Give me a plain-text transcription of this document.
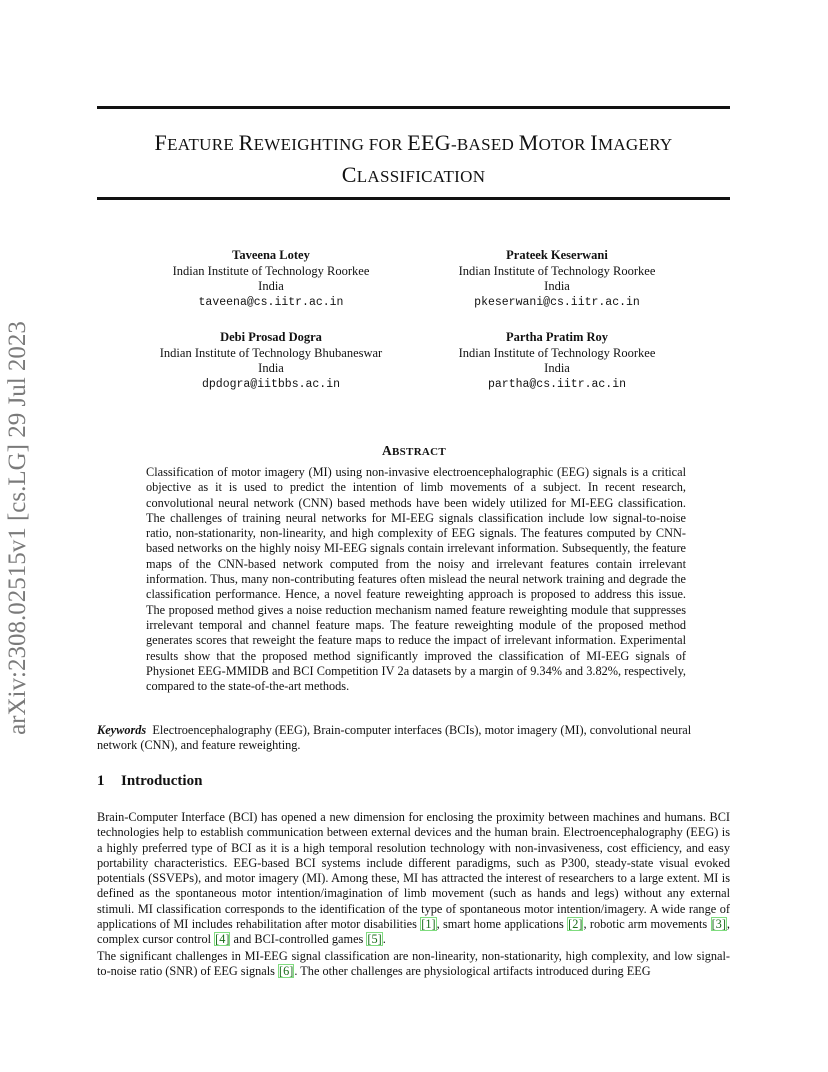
arXiv:2308.02515v1 [cs.LG] 29 Jul 2023
FEATURE REWEIGHTING FOR EEG-BASED MOTOR IMAGERY
CLASSIFICATION
Taveena Lotey
Indian Institute of Technology Roorkee
India
taveena@cs.iitr.ac.in
Prateek Keserwani
Indian Institute of Technology Roorkee
India
pkeserwani@cs.iitr.ac.in
Debi Prosad Dogra
Indian Institute of Technology Bhubaneswar
India
dpdogra@iitbbs.ac.in
Partha Pratim Roy
Indian Institute of Technology Roorkee
India
partha@cs.iitr.ac.in
ABSTRACT
Classification of motor imagery (MI) using non-invasive electroencephalographic (EEG) signals is a critical objective as it is used to predict the intention of limb movements of a subject. In recent research, convolutional neural network (CNN) based methods have been widely utilized for MI-EEG classification. The challenges of training neural networks for MI-EEG signals classification include low signal-to-noise ratio, non-stationarity, non-linearity, and high complexity of EEG signals. The features computed by CNN-based networks on the highly noisy MI-EEG signals contain irrelevant information. Subsequently, the feature maps of the CNN-based network computed from the noisy and irrelevant features contain irrelevant information. Thus, many non-contributing features often mislead the neural network training and degrade the classification performance. Hence, a novel feature reweighting approach is proposed to address this issue. The proposed method gives a noise reduction mechanism named feature reweighting module that suppresses irrelevant temporal and channel feature maps. The feature reweighting module of the proposed method generates scores that reweight the feature maps to reduce the impact of irrelevant information. Experimental results show that the proposed method significantly improved the classification of MI-EEG signals of Physionet EEG-MMIDB and BCI Competition IV 2a datasets by a margin of 9.34% and 3.82%, respectively, compared to the state-of-the-art methods.
Keywords Electroencephalography (EEG), Brain-computer interfaces (BCIs), motor imagery (MI), convolutional neural network (CNN), and feature reweighting.
1 Introduction
Brain-Computer Interface (BCI) has opened a new dimension for enclosing the proximity between machines and humans. BCI technologies help to establish communication between external devices and the human brain. Electroencephalography (EEG) is a highly preferred type of BCI as it is a high temporal resolution technology with non-invasiveness, cost efficiency, and easy portability characteristics. EEG-based BCI systems include different paradigms, such as P300, steady-state visual evoked potentials (SSVEPs), and motor imagery (MI). Among these, MI has attracted the interest of researchers to a large extent. MI is defined as the spontaneous motor intention/imagination of limb movement (such as hands and legs) without any external stimuli. MI classification corresponds to the identification of the type of spontaneous motor intention/imagery. A wide range of applications of MI includes rehabilitation after motor disabilities [1], smart home applications [2], robotic arm movements [3], complex cursor control [4] and BCI-controlled games [5].
The significant challenges in MI-EEG signal classification are non-linearity, non-stationarity, high complexity, and low signal-to-noise ratio (SNR) of EEG signals [6]. The other challenges are physiological artifacts introduced during EEG
